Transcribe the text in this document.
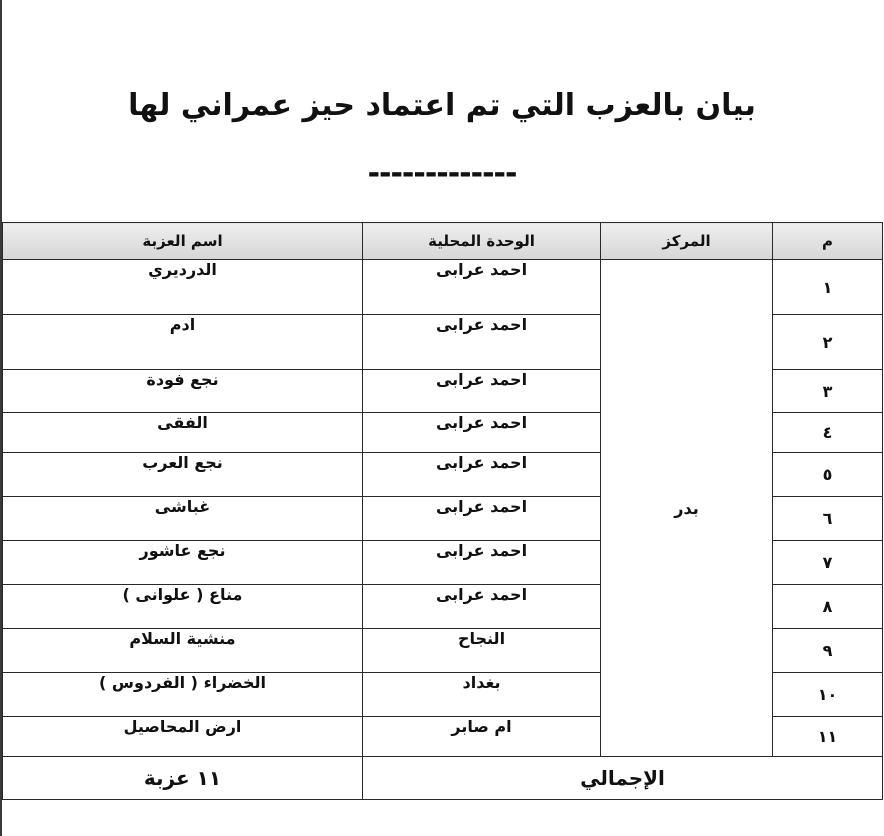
بيان بالعزب التي تم اعتماد حيز عمراني لها
-------------
م	المركز	الوحدة المحلية	اسم العزبة
١	بدر	احمد عرابى	الدرديري
٢		احمد عرابى	ادم
٣		احمد عرابى	نجع فودة
٤		احمد عرابى	الفقى
٥		احمد عرابى	نجع العرب
٦		احمد عرابى	غباشى
٧		احمد عرابى	نجع عاشور
٨		احمد عرابى	مناع ( علوانى )
٩		النجاح	منشية السلام
١٠		بغداد	الخضراء ( الفردوس )
١١		ام صابر	ارض المحاصيل
الإجمالي			١١ عزبة
